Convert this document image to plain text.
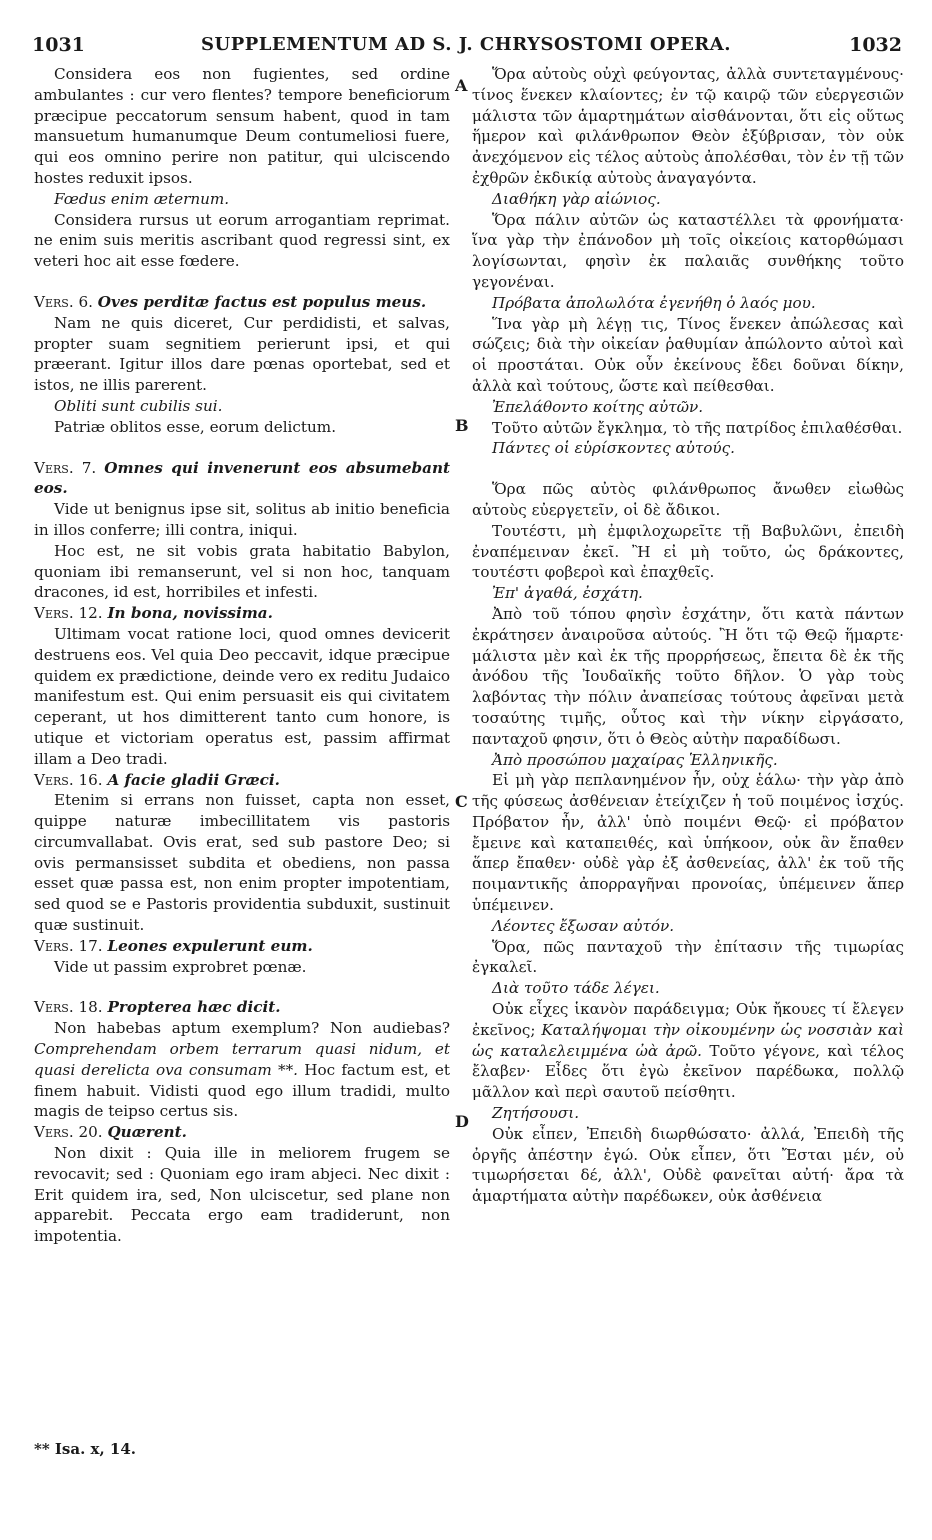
1031	SUPPLEMENTUM AD S. J. CHRYSOSTOMI OPERA.	1032
A
B
C
D

Considera eos non fugientes, sed ordine ambulantes : cur vero flentes? tempore beneficiorum præcipue peccatorum sensum habent, quod in tam mansuetum humanumque Deum contumeliosi fuere, qui eos omnino perire non patitur, qui ulciscendo hostes reduxit ipsos.

Fœdus enim æternum.

Considera rursus ut eorum arrogantiam reprimat. ne enim suis meritis ascribant quod regressi sint, ex veteri hoc ait esse fœdere.

Vers. 6. Oves perditæ factus est populus meus.

Nam ne quis diceret, Cur perdidisti, et salvas, propter suam segnitiem perierunt ipsi, et qui præerant. Igitur illos dare pœnas oportebat, sed et istos, ne illis parerent.

Obliti sunt cubilis sui.

Patriæ oblitos esse, eorum delictum.

Vers. 7. Omnes qui invenerunt eos absumebant eos.

Vide ut benignus ipse sit, solitus ab initio beneficia in illos conferre; illi contra, iniqui.

Hoc est, ne sit vobis grata habitatio Babylon, quoniam ibi remanserunt, vel si non hoc, tanquam dracones, id est, horribiles et infesti.

Vers. 12. In bona, novissima.

Ultimam vocat ratione loci, quod omnes devicerit destruens eos. Vel quia Deo peccavit, idque præcipue quidem ex prædictione, deinde vero ex reditu Judaico manifestum est. Qui enim persuasit eis qui civitatem ceperant, ut hos dimitterent tanto cum honore, is utique et victoriam operatus est, passim affirmat illam a Deo tradi.

Vers. 16. A facie gladii Græci.

Etenim si errans non fuisset, capta non esset, quippe naturæ imbecillitatem vis pastoris circumvallabat. Ovis erat, sed sub pastore Deo; si ovis permansisset subdita et obediens, non passa esset quæ passa est, non enim propter impotentiam, sed quod se e Pastoris providentia subduxit, sustinuit quæ sustinuit.

Vers. 17. Leones expulerunt eum.

Vide ut passim exprobret pœnæ.

Vers. 18. Propterea hæc dicit.

Non habebas aptum exemplum? Non audiebas? Comprehendam orbem terrarum quasi nidum, et quasi derelicta ova consumam **. Hoc factum est, et finem habuit. Vidisti quod ego illum tradidi, multo magis de teipso certus sis.

Vers. 20. Quærent.

Non dixit : Quia ille in meliorem frugem se revocavit; sed : Quoniam ego iram abjeci. Nec dixit : Erit quidem ira, sed, Non ulciscetur, sed plane non apparebit. Peccata ergo eam tradiderunt, non impotentia.

Ὅρα αὐτοὺς οὐχὶ φεύγοντας, ἀλλὰ συντεταγμένους· τίνος ἕνεκεν κλαίοντες; ἐν τῷ καιρῷ τῶν εὐεργεσιῶν μάλιστα τῶν ἁμαρτημάτων αἰσθάνονται, ὅτι εἰς οὕτως ἥμερον καὶ φιλάνθρωπον Θεὸν ἐξύβρισαν, τὸν οὐκ ἀνεχόμενον εἰς τέλος αὐτοὺς ἀπολέσθαι, τὸν ἐν τῇ τῶν ἐχθρῶν ἐκδικίᾳ αὐτοὺς ἀναγαγόντα.

Διαθήκη γὰρ αἰώνιος.

Ὅρα πάλιν αὐτῶν ὡς καταστέλλει τὰ φρονήματα· ἵνα γὰρ τὴν ἐπάνοδον μὴ τοῖς οἰκείοις κατορθώμασι λογίσωνται, φησὶν ἐκ παλαιᾶς συνθήκης τοῦτο γεγονέναι.

Πρόβατα ἀπολωλότα ἐγενήθη ὁ λαός μου.

Ἵνα γὰρ μὴ λέγῃ τις, Τίνος ἕνεκεν ἀπώλεσας καὶ σώζεις; διὰ τὴν οἰκείαν ῥαθυμίαν ἀπώλοντο αὐτοὶ καὶ οἱ προστάται. Οὐκ οὖν ἐκείνους ἔδει δοῦναι δίκην, ἀλλὰ καὶ τούτους, ὥστε καὶ πείθεσθαι.

Ἐπελάθοντο κοίτης αὐτῶν.

Τοῦτο αὐτῶν ἔγκλημα, τὸ τῆς πατρίδος ἐπιλαθέσθαι.

Πάντες οἱ εὑρίσκοντες αὐτούς.

Ὅρα πῶς αὐτὸς φιλάνθρωπος ἄνωθεν εἰωθὼς αὐτοὺς εὐεργετεῖν, οἱ δὲ ἄδικοι.

Τουτέστι, μὴ ἐμφιλοχωρεῖτε τῇ Βαβυλῶνι, ἐπειδὴ ἐναπέμειναν ἐκεῖ. Ἢ εἰ μὴ τοῦτο, ὡς δράκοντες, τουτέστι φοβεροὶ καὶ ἐπαχθεῖς.

Ἐπ' ἀγαθά, ἐσχάτη.

Ἀπὸ τοῦ τόπου φησὶν ἐσχάτην, ὅτι κατὰ πάντων ἐκράτησεν ἀναιροῦσα αὐτούς. Ἢ ὅτι τῷ Θεῷ ἥμαρτε· μάλιστα μὲν καὶ ἐκ τῆς προρρήσεως, ἔπειτα δὲ ἐκ τῆς ἀνόδου τῆς Ἰουδαϊκῆς τοῦτο δῆλον. Ὁ γὰρ τοὺς λαβόντας τὴν πόλιν ἀναπείσας τούτους ἀφεῖναι μετὰ τοσαύτης τιμῆς, οὗτος καὶ τὴν νίκην εἰργάσατο, πανταχοῦ φησιν, ὅτι ὁ Θεὸς αὐτὴν παραδίδωσι.

Ἀπὸ προσώπου μαχαίρας Ἑλληνικῆς.

Εἰ μὴ γὰρ πεπλανημένον ἦν, οὐχ ἑάλω· τὴν γὰρ ἀπὸ τῆς φύσεως ἀσθένειαν ἐτείχιζεν ἡ τοῦ ποιμένος ἰσχύς. Πρόβατον ἦν, ἀλλ' ὑπὸ ποιμένι Θεῷ· εἰ πρόβατον ἔμεινε καὶ καταπειθές, καὶ ὑπήκοον, οὐκ ἂν ἔπαθεν ἅπερ ἔπαθεν· οὐδὲ γὰρ ἐξ ἀσθενείας, ἀλλ' ἐκ τοῦ τῆς ποιμαντικῆς ἀπορραγῆναι προνοίας, ὑπέμεινεν ἅπερ ὑπέμεινεν.

Λέοντες ἔξωσαν αὐτόν.

Ὅρα, πῶς πανταχοῦ τὴν ἐπίτασιν τῆς τιμωρίας ἐγκαλεῖ.

Διὰ τοῦτο τάδε λέγει.

Οὐκ εἶχες ἱκανὸν παράδειγμα; Οὐκ ἤκουες τί ἔλεγεν ἐκεῖνος; Καταλήψομαι τὴν οἰκουμένην ὡς νοσσιὰν καὶ ὡς καταλελειμμένα ὠὰ ἀρῶ. Τοῦτο γέγονε, καὶ τέλος ἔλαβεν· Εἶδες ὅτι ἐγὼ ἐκεῖνον παρέδωκα, πολλῷ μᾶλλον καὶ περὶ σαυτοῦ πείσθητι.

Ζητήσουσι.

Οὐκ εἶπεν, Ἐπειδὴ διωρθώσατο· ἀλλά, Ἐπειδὴ τῆς ὀργῆς ἀπέστην ἐγώ. Οὐκ εἶπεν, ὅτι Ἔσται μέν, οὐ τιμωρήσεται δέ, ἀλλ', Οὐδὲ φανεῖται αὐτή· ἄρα τὰ ἁμαρτήματα αὐτὴν παρέδωκεν, οὐκ ἀσθένεια

** Isa. x, 14.
